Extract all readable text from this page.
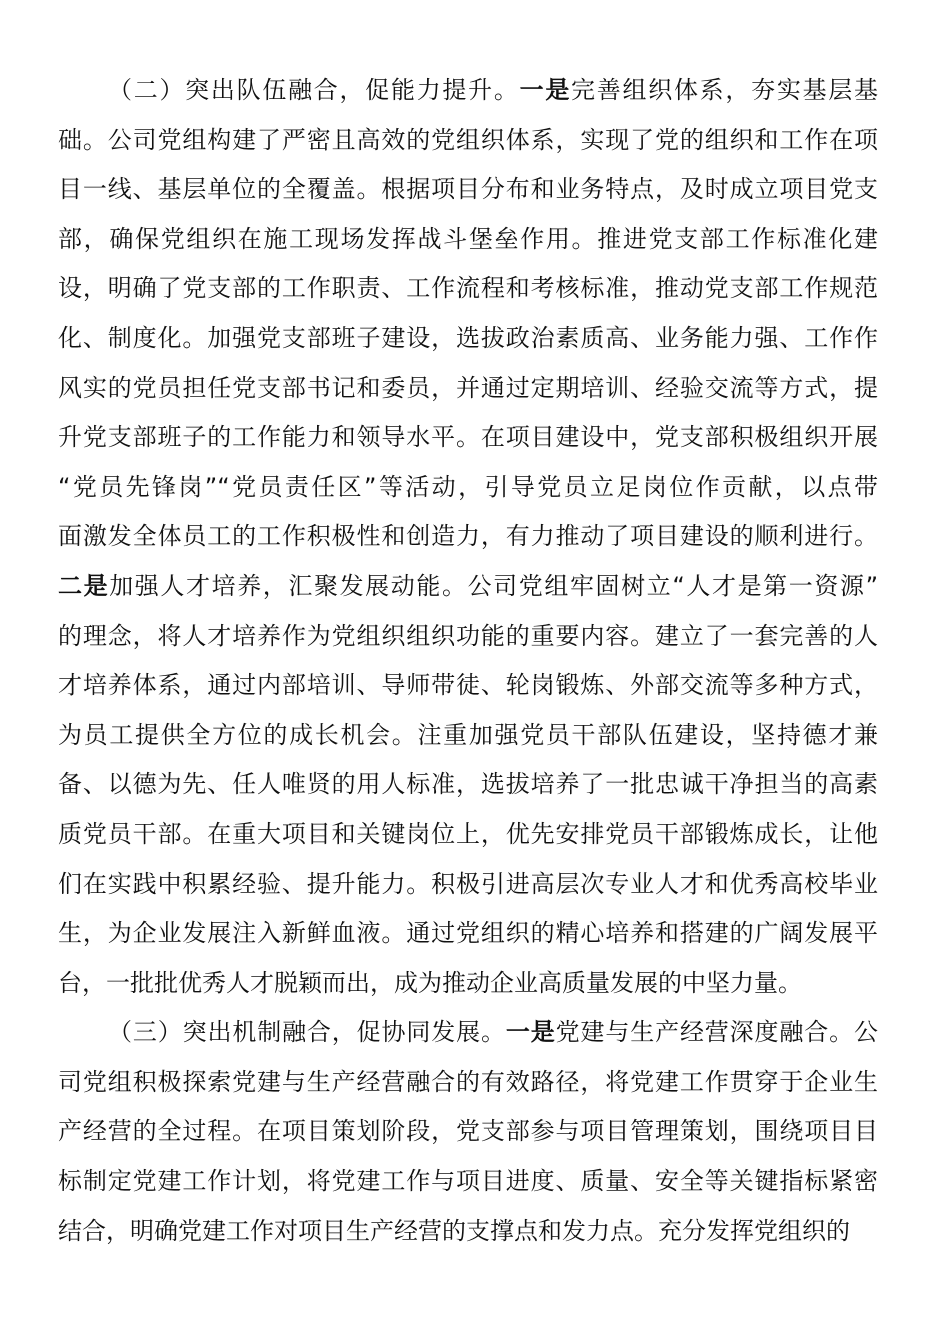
（二）突出队伍融合，促能力提升。一是完善组织体系，夯实基层基
础。公司党组构建了严密且高效的党组织体系，实现了党的组织和工作在项
目一线、基层单位的全覆盖。根据项目分布和业务特点，及时成立项目党支
部，确保党组织在施工现场发挥战斗堡垒作用。推进党支部工作标准化建
设，明确了党支部的工作职责、工作流程和考核标准，推动党支部工作规范
化、制度化。加强党支部班子建设，选拔政治素质高、业务能力强、工作作
风实的党员担任党支部书记和委员，并通过定期培训、经验交流等方式，提
升党支部班子的工作能力和领导水平。在项目建设中，党支部积极组织开展
“党员先锋岗”“党员责任区”等活动，引导党员立足岗位作贡献，以点带
面激发全体员工的工作积极性和创造力，有力推动了项目建设的顺利进行。
二是加强人才培养，汇聚发展动能。公司党组牢固树立“人才是第一资源”
的理念，将人才培养作为党组织组织功能的重要内容。建立了一套完善的人
才培养体系，通过内部培训、导师带徒、轮岗锻炼、外部交流等多种方式，
为员工提供全方位的成长机会。注重加强党员干部队伍建设，坚持德才兼
备、以德为先、任人唯贤的用人标准，选拔培养了一批忠诚干净担当的高素
质党员干部。在重大项目和关键岗位上，优先安排党员干部锻炼成长，让他
们在实践中积累经验、提升能力。积极引进高层次专业人才和优秀高校毕业
生，为企业发展注入新鲜血液。通过党组织的精心培养和搭建的广阔发展平
台，一批批优秀人才脱颖而出，成为推动企业高质量发展的中坚力量。
（三）突出机制融合，促协同发展。一是党建与生产经营深度融合。公
司党组积极探索党建与生产经营融合的有效路径，将党建工作贯穿于企业生
产经营的全过程。在项目策划阶段，党支部参与项目管理策划，围绕项目目
标制定党建工作计划，将党建工作与项目进度、质量、安全等关键指标紧密
结合，明确党建工作对项目生产经营的支撑点和发力点。充分发挥党组织的
